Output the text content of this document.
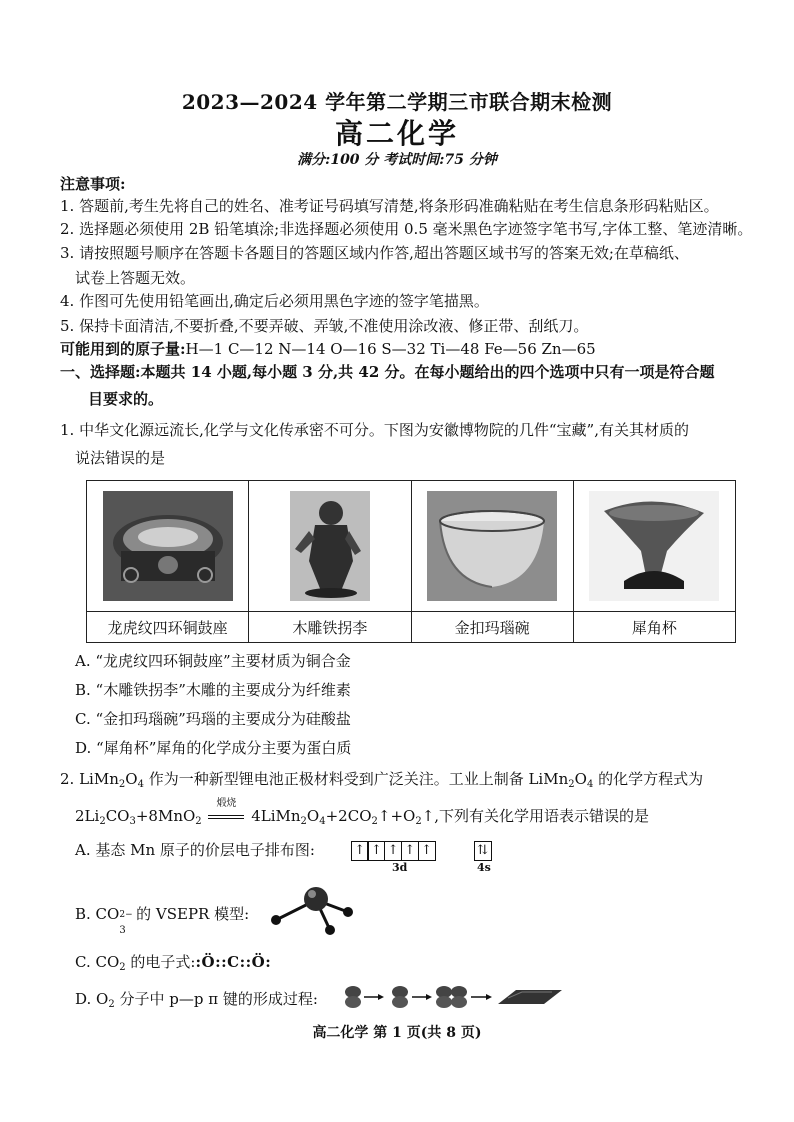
2023—2024 学年第二学期三市联合期末检测
高二化学
满分:100 分 考试时间:75 分钟
注意事项:
1. 答题前,考生先将自己的姓名、准考证号码填写清楚,将条形码准确粘贴在考生信息条形码粘贴区。
2. 选择题必须使用 2B 铅笔填涂;非选择题必须使用 0.5 毫米黑色字迹签字笔书写,字体工整、笔迹清晰。
3. 请按照题号顺序在答题卡各题目的答题区域内作答,超出答题区域书写的答案无效;在草稿纸、
试卷上答题无效。
4. 作图可先使用铅笔画出,确定后必须用黑色字迹的签字笔描黑。
5. 保持卡面清洁,不要折叠,不要弄破、弄皱,不准使用涂改液、修正带、刮纸刀。
可能用到的原子量:H—1 C—12 N—14 O—16 S—32 Ti—48 Fe—56 Zn—65
一、选择题:本题共 14 小题,每小题 3 分,共 42 分。在每小题给出的四个选项中只有一项是符合题
目要求的。
1. 中华文化源远流长,化学与文化传承密不可分。下图为安徽博物院的几件“宝藏”,有关其材质的
说法错误的是

龙虎纹四环铜鼓座	木雕铁拐李	金扣玛瑙碗	犀角杯
A. “龙虎纹四环铜鼓座”主要材质为铜合金
B. “木雕铁拐李”木雕的主要成分为纤维素
C. “金扣玛瑙碗”玛瑙的主要成分为硅酸盐
D. “犀角杯”犀角的化学成分主要为蛋白质
2. $LiMn_2O_4$ 作为一种新型锂电池正极材料受到广泛关注。工业上制备 $LiMn_2O_4$ 的化学方程式为
$2Li_2CO_3+8MnO_2$
煅烧
$4LiMn_2O_4+2CO_2↑+O_2↑$,下列有关化学用语表示错误的是
A. 基态 Mn 原子的价层电子排布图:	↑ ↑ ↑ ↑ ↑	⇅
3d	4s
B. CO 2−
3
的 VSEPR 模型:
C. $CO_2$ 的电子式::Ö::C::Ö:
D. $O_2$ 分子中 p—p π 键的形成过程:
高二化学 第 1 页(共 8 页)
